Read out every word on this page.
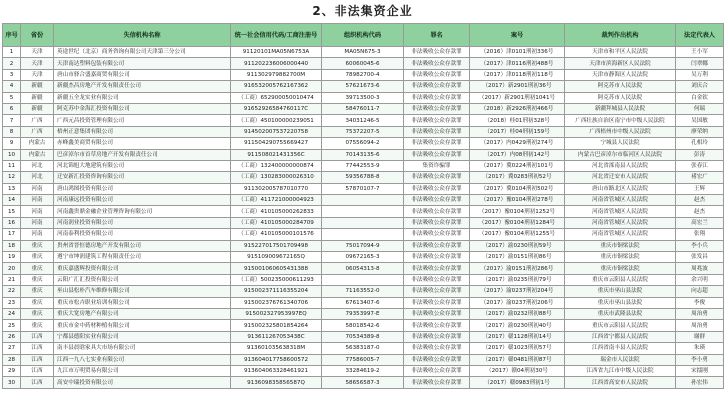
2、非法集资企业
序号	省份	失信机构名称	统一社会信用代码/工商注册号	组织机构代码	罪名	案号	裁判作出机构	法定代表人
1	天津	英途世纪（北京）商务咨询有限公司天津第三分公司	91120101MA05N6753A	MA05N675-3	非法吸收公众存款罪	（2016）津0101刑初336号	天津市和平区人民法院	王小军
2	天津	天津南达塑料包装有限公司	911202236006000440	60060045-6	非法吸收公众存款罪	（2017）津0116刑初488号	天津市滨海新区人民法院	闫翠娜
3	天津	唐山市驿合盛嘉商贸有限公司	911302979882700M	78982700-4	非法吸收公众存款罪	（2017）津0118刑初118号	天津市静海区人民法院	吴万利
4	新疆	新疆杰昌房地产开发有限责任公司	916532005762167362	57621673-6	非法吸收公众存款罪	（2017）新2901刑初36号	阿克苏市人民法院	刘庆合
5	新疆	新疆五全龙实业有限公司	（工商）652900050010474	39713500-3	非法吸收公众存款罪	（2017）新2901刑初1041号	阿克苏市人民法院	白金钦
6	新疆	阿克苏中金海汇投资有限公司	91652926584760117C	58476011-7	非法吸收公众存款罪	（2018）新2926刑初466号	新疆拜城县人民法院	何瑞
7	广西	广西元昌投资管理有限公司	（工商）450100000239051	34031246-5	非法吸收公众存款罪	（2018）桂01刑初328号	广西壮族自治区南宁市中级人民法院	吴国敏
8	广西	梧州正意集团有限公司	914502007537220758	75372207-5	非法吸收公众存款罪	（2017）桂04刑初159号	广西梧州市中级人民法院	廖荣纳
9	内蒙古	赤峰鑫美商贸有限公司	911504290755669427	07556094-2	非法吸收公众存款罪	（2017）内0429刑初274号	宁城县人民法院	孔相玲
10	内蒙古	巴彦淖尔市首草房地产开发有限责任公司	911508021431356C	70143135-6	非法吸收公众存款罪	（2017）内08刑初142号	内蒙古巴彦淖尔市临河区人民法院	彭涛
11	河北	河北锦旭大地建筑有限公司	（工商）132400000000874	77442553-9	集资诈骗罪	（2017）冀0224刑初101号	河北省滦南县人民法院	张春江
12	河北	迁安新汇投资咨询有限公司	（工商）130283000026310	59356788-8	非法吸收公众存款罪	（2017）冀0283刑初52号	河北省迁安市人民法院	褚宏广
13	河南	唐山鸿图投资有限公司	911302005787010770	57870107-7	非法吸收公众存款罪	（2017）冀0104刑初502号	唐山市路北区人民法院	王辉
14	河南	河南康远投资有限公司	（工商）411721000004923		非法吸收公众存款罪	（2017）豫0104刑初278号	河南省管城区人民法院	赵杰
15	河南	河南鑫贵鼎金融企业管理咨询有限公司	（工商）410105000262833		非法吸收公众存款罪	（2017）豫0104刑初1252号	河南省管城区人民法院	赵杰
16	河南	河南润业投资有限公司	（工商）410105000284709		非法吸收公众存款罪	（2017）豫0104刑初1284号	河南省管城区人民法院	高宏兰
17	河南	河南泰利投资有限公司	（工商）410105000101576		非法吸收公众存款罪	（2017）豫0104刑初1255号	河南省管城区人民法院	张翔
18	重庆	贵州省晋恒德房地产开发有限公司	915227017501709498	75017094-9	非法吸收公众存款罪	（2017）渝0230刑初59号	重庆市铜梁法院	李小兵
19	重庆	遵宁市坤润建筑工程有限责任公司	915109009672165Q	09672165-3	非法吸收公众存款罪	（2017）渝0151刑初86号	重庆市铜梁法院	张发昌
20	重庆	重庆嘉盛辉投资有限公司	915001060605431388	06054313-8	非法吸收公众存款罪	（2017）渝0151刑初286号	重庆市铜梁法院	周兆波
21	重庆	云阳广汇汇投资有限公司	（工商）500235000611293		非法吸收公众存款罪	（2017）渝0235刑初79号	重庆市云阳县人民法院	余兴明
22	重庆	巫山县松朴汽车维修有限公司	915002371116355204	71163552-0	非法吸收公众存款罪	（2017）渝0237刑初204号	重庆市巫山县法院	向志超
23	重庆	重庆市松卉职业培训有限公司	915002376761340706	67613407-6	非法吸收公众存款罪	（2017）渝0237刑初206号	重庆市巫山县法院	李俊
24	重庆	重庆大宽房地产有限公司	915002327953997EQ	79353997-E	非法吸收公众存款罪	（2017）渝0232刑初88号	重庆市武隆县法院	周治勇
25	重庆	重庆市金中药材种植有限公司	915002325801854264	58018542-6	非法吸收公众存款罪	（2017）渝0230刑初40号	重庆市云阳县人民法院	周治勇
26	江西	宁都县德阳实业有限公司	913611267053438C	70534389-8	非法吸收公众存款罪	（2017）赣1128刑初14号	江西省宁都县人民法院	谢群
27	江西	南丰县晨晗家具大市场有限公司	913601035638318M	56383187-0	非法吸收公众存款罪	（2017）赣1023刑初57号	江西省南丰县人民法院	朱瑛
28	江西	江西一九八七实业有限公司	913604017758600572	77586005-7	非法吸收公众存款罪	（2017）赣0481刑初87号	瑞金市人民法院	李小勇
29	江西	九江市万明贸易有限公司	913604063328461921	33284619-2	非法吸收公众存款罪	（2017）赣04刑初30号	江西省九江市中级人民法院	宋擂刚
30	江西	高安中瑞投资有限公司	913609835856587Q	58656587-3	非法吸收公众存款罪	（2017）赣0983刑初1号	江西省高安市人民法院	孙宏伟
